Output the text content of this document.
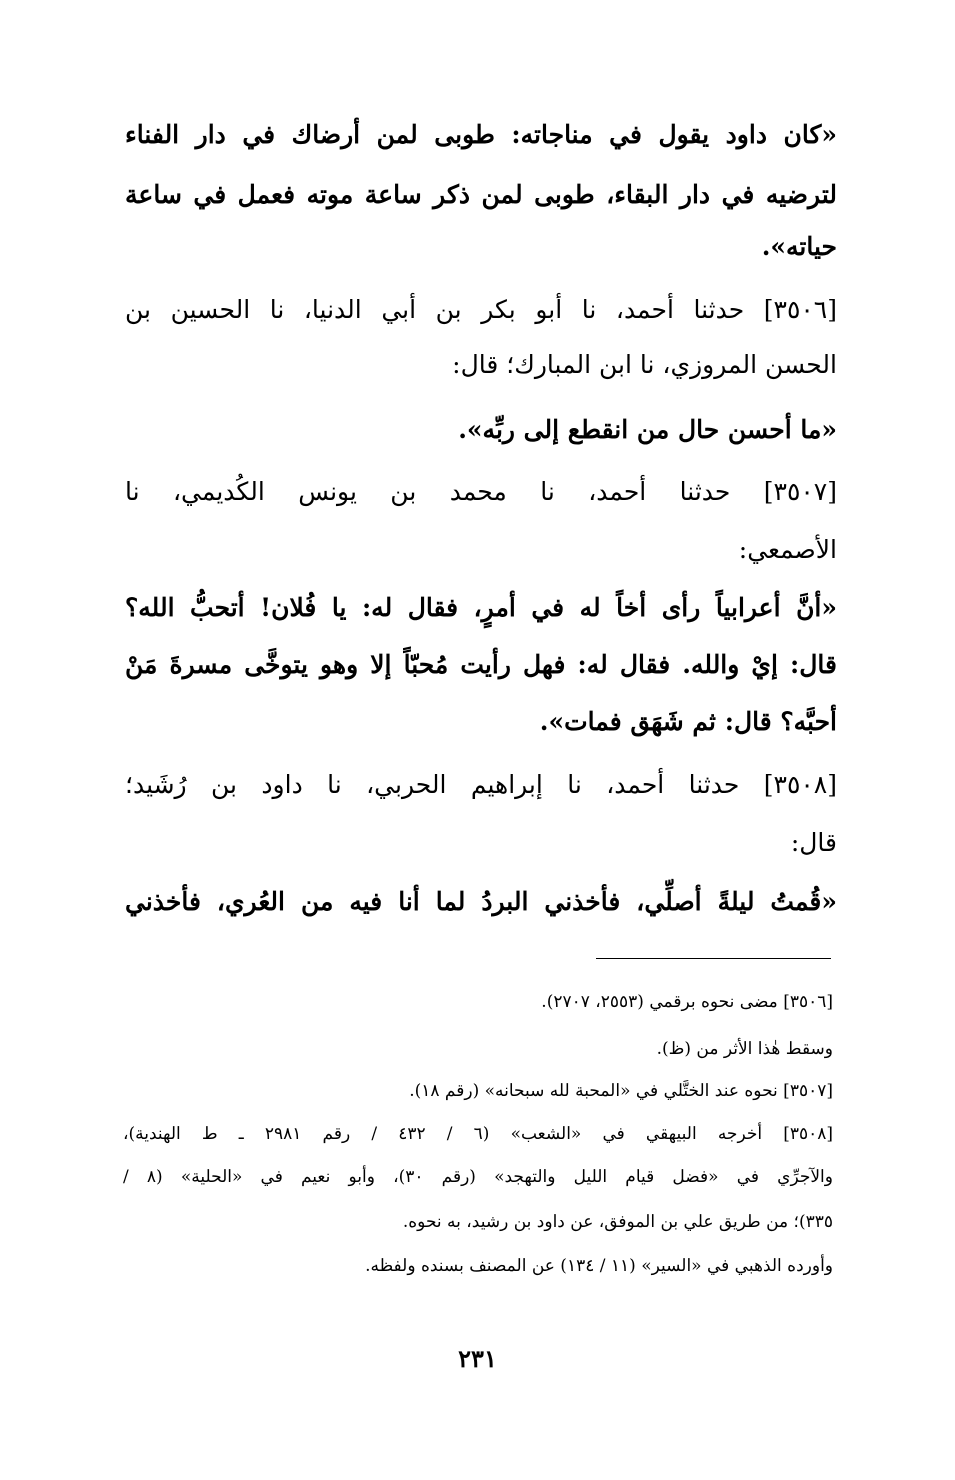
«كان داود يقول في مناجاته: طوبى لمن أرضاك في دار الفناء
لترضيه في دار البقاء، طوبى لمن ذكر ساعة موته فعمل في ساعة
حياته».
[٣٥٠٦] حدثنا أحمد، نا أبو بكر بن أبي الدنيا، نا الحسين بن
الحسن المروزي، نا ابن المبارك؛ قال:
«ما أحسن حال من انقطع إلى ربِّه».
[٣٥٠٧] حدثنا أحمد، نا محمد بن يونس الكُديمي، نا
الأصمعي:
«أنَّ أعرابياً رأى أخاً له في أمرٍ، فقال له: يا فُلان! أتحبُّ الله؟
قال: إيْ والله. فقال له: فهل رأيت مُحبّاً إلا وهو يتوخَّى مسرةَ مَنْ
أحبَّه؟ قال: ثم شَهَق فمات».
[٣٥٠٨] حدثنا أحمد، نا إبراهيم الحربي، نا داود بن رُشَيد؛
قال:
«قُمتُ ليلةً أصلِّي، فأخذني البردُ لما أنا فيه من العُري، فأخذني
[٣٥٠٦] مضى نحوه برقمي (٢٥٥٣، ٢٧٠٧).
وسقط هٰذا الأثر من (ظ).
[٣٥٠٧] نحوه عند الختَّلي في «المحبة لله سبحانه» (رقم ١٨).
[٣٥٠٨] أخرجه البيهقي في «الشعب» (٦ / ٤٣٢ / رقم ٢٩٨١ ـ ط الهندية)،
والآجرِّي في «فضل قيام الليل والتهجد» (رقم ٣٠)، وأبو نعيم في «الحلية» (٨ /
٣٣٥)؛ من طريق علي بن الموفق، عن داود بن رشيد، به نحوه.
وأورده الذهبي في «السير» (١١ / ١٣٤) عن المصنف بسنده ولفظه.
٢٣١
